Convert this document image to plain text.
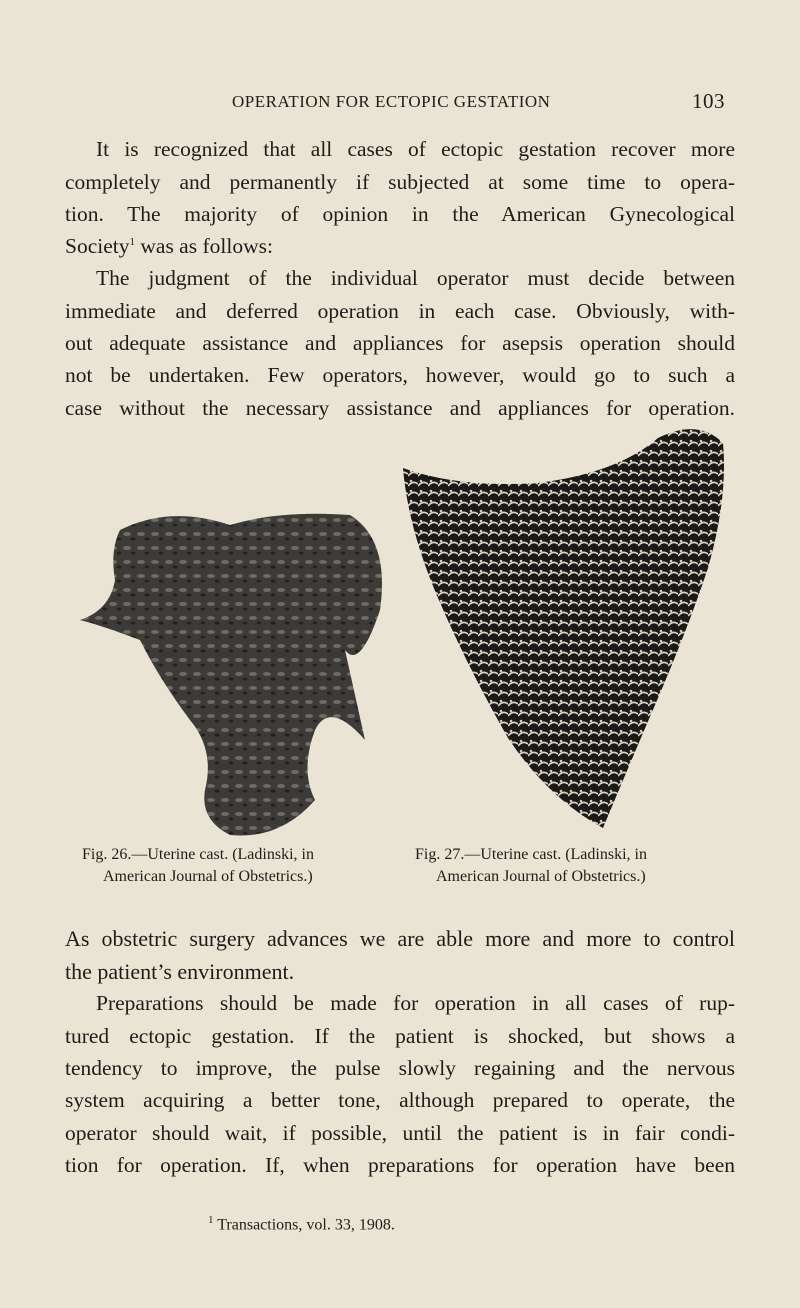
OPERATION FOR ECTOPIC GESTATION	103
It is recognized that all cases of ectopic gestation recover more
completely and permanently if subjected at some time to opera-
tion. The majority of opinion in the American Gynecological
Society$^1$ was as follows:
The judgment of the individual operator must decide between
immediate and deferred operation in each case. Obviously, with-
out adequate assistance and appliances for asepsis operation should
not be undertaken. Few operators, however, would go to such a
case without the necessary assistance and appliances for operation.
Fig. 26.—Uterine cast. (Ladinski, in
American Journal of Obstetrics.)
Fig. 27.—Uterine cast. (Ladinski, in
American Journal of Obstetrics.)
As obstetric surgery advances we are able more and more to control
the patient’s environment.
Preparations should be made for operation in all cases of rup-
tured ectopic gestation. If the patient is shocked, but shows a
tendency to improve, the pulse slowly regaining and the nervous
system acquiring a better tone, although prepared to operate, the
operator should wait, if possible, until the patient is in fair condi-
tion for operation. If, when preparations for operation have been
$^1$ Transactions, vol. 33, 1908.
